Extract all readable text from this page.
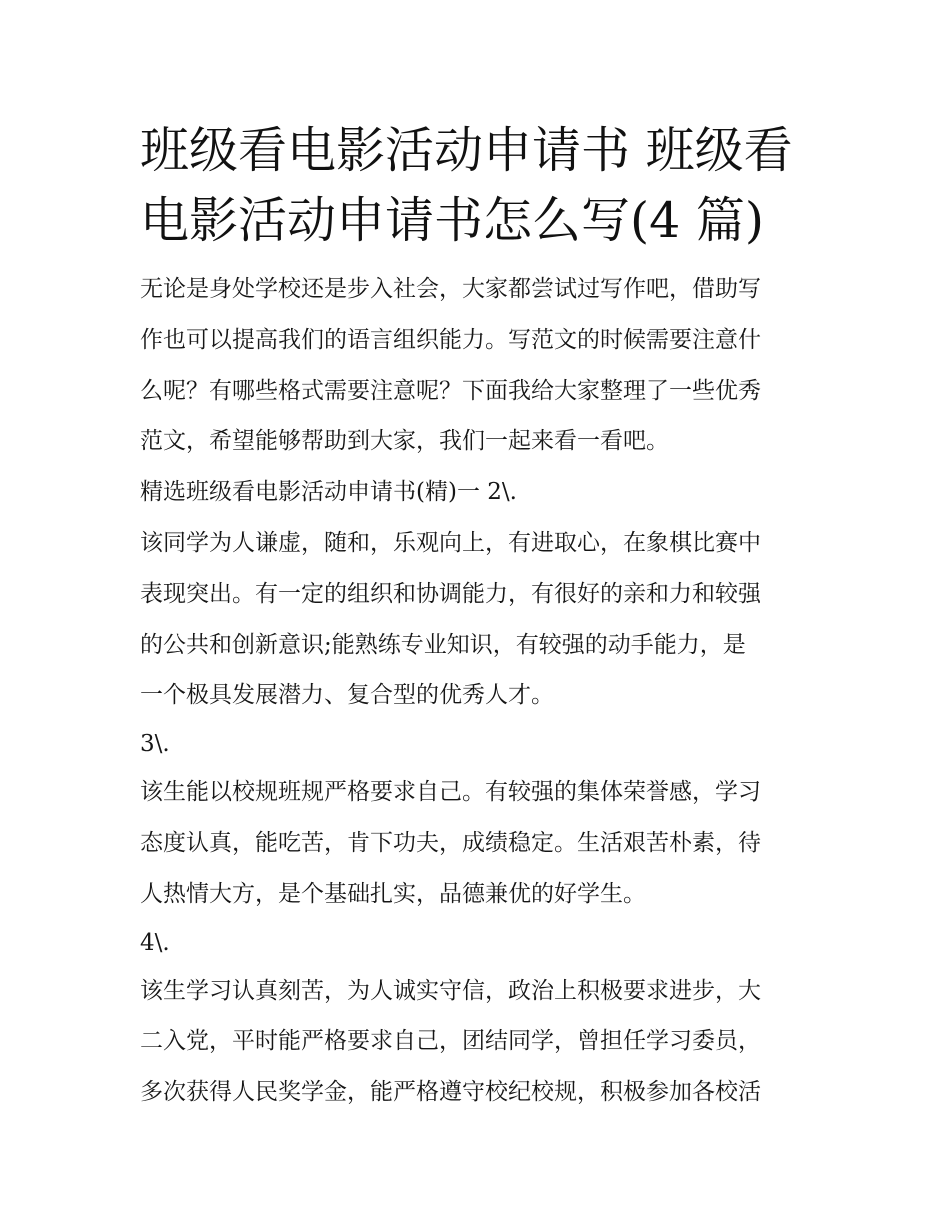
班级看电影活动申请书 班级看
电影活动申请书怎么写(4 篇)
无论是身处学校还是步入社会，大家都尝试过写作吧，借助写
作也可以提高我们的语言组织能力。写范文的时候需要注意什
么呢？有哪些格式需要注意呢？下面我给大家整理了一些优秀
范文，希望能够帮助到大家，我们一起来看一看吧。
精选班级看电影活动申请书(精)一 2\.
该同学为人谦虚，随和，乐观向上，有进取心，在象棋比赛中
表现突出。有一定的组织和协调能力，有很好的亲和力和较强
的公共和创新意识;能熟练专业知识，有较强的动手能力，是
一个极具发展潜力、复合型的优秀人才。
3\.
该生能以校规班规严格要求自己。有较强的集体荣誉感，学习
态度认真，能吃苦，肯下功夫，成绩稳定。生活艰苦朴素，待
人热情大方，是个基础扎实，品德兼优的好学生。
4\.
该生学习认真刻苦，为人诚实守信，政治上积极要求进步，大
二入党，平时能严格要求自己，团结同学，曾担任学习委员，
多次获得人民奖学金，能严格遵守校纪校规，积极参加各校活
